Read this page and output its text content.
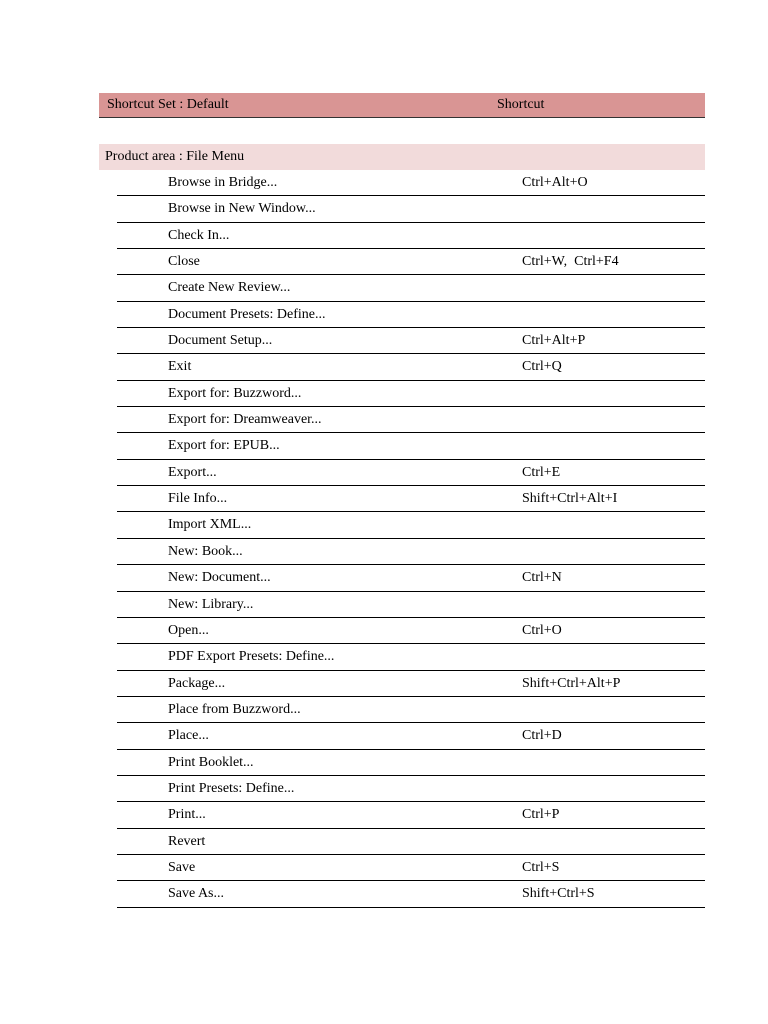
Shortcut Set : Default	Shortcut
Product area : File Menu
Browse in Bridge...	Ctrl+Alt+O
Browse in New Window...
Check In...
Close	Ctrl+W,  Ctrl+F4
Create New Review...
Document Presets: Define...
Document Setup...	Ctrl+Alt+P
Exit	Ctrl+Q
Export for: Buzzword...
Export for: Dreamweaver...
Export for: EPUB...
Export...	Ctrl+E
File Info...	Shift+Ctrl+Alt+I
Import XML...
New: Book...
New: Document...	Ctrl+N
New: Library...
Open...	Ctrl+O
PDF Export Presets: Define...
Package...	Shift+Ctrl+Alt+P
Place from Buzzword...
Place...	Ctrl+D
Print Booklet...
Print Presets: Define...
Print...	Ctrl+P
Revert
Save	Ctrl+S
Save As...	Shift+Ctrl+S
